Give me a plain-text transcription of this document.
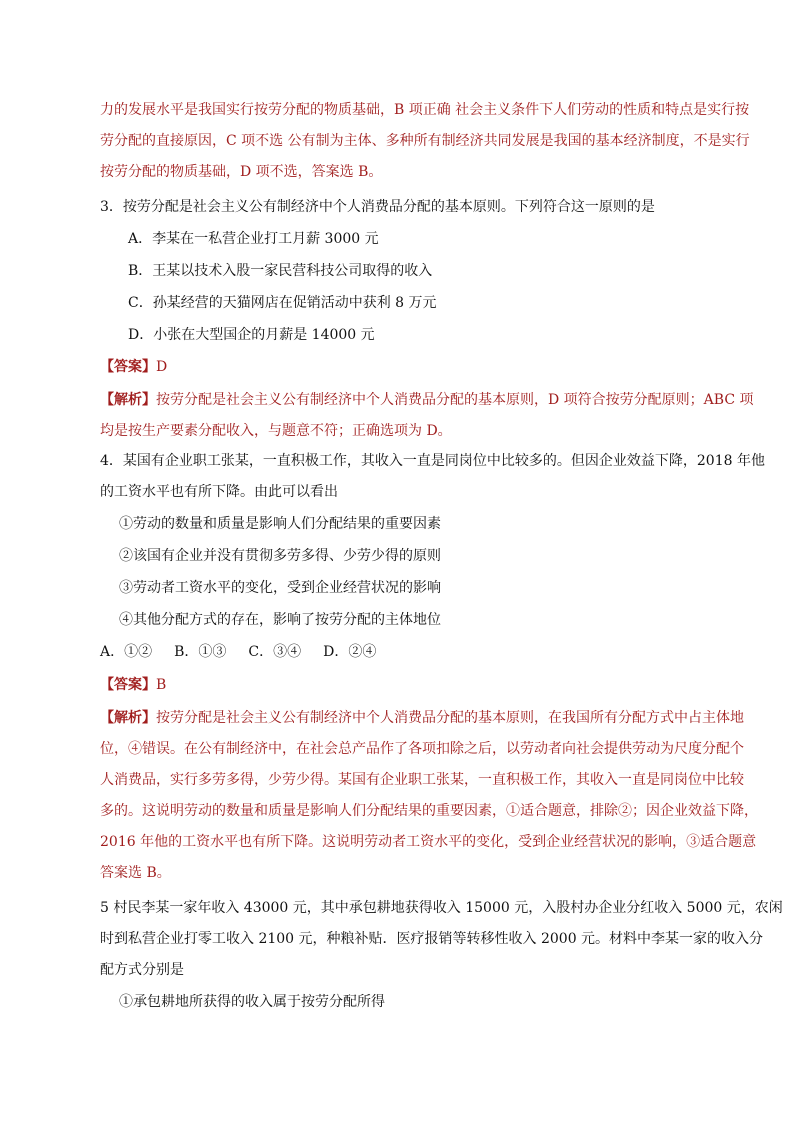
力的发展水平是我国实行按劳分配的物质基础，B 项正确 社会主义条件下人们劳动的性质和特点是实行按
劳分配的直接原因，C 项不选 公有制为主体、多种所有制经济共同发展是我国的基本经济制度，不是实行
按劳分配的物质基础，D 项不选，答案选 B。
3．按劳分配是社会主义公有制经济中个人消费品分配的基本原则。下列符合这一原则的是
A．李某在一私营企业打工月薪 3000 元
B．王某以技术入股一家民营科技公司取得的收入
C．孙某经营的天猫网店在促销活动中获利 8 万元
D．小张在大型国企的月薪是 14000 元
【答案】D
【解析】按劳分配是社会主义公有制经济中个人消费品分配的基本原则，D 项符合按劳分配原则；ABC 项
均是按生产要素分配收入，与题意不符；正确选项为 D。
4．某国有企业职工张某，一直积极工作，其收入一直是同岗位中比较多的。但因企业效益下降，2018 年他
的工资水平也有所下降。由此可以看出
①劳动的数量和质量是影响人们分配结果的重要因素
②该国有企业并没有贯彻多劳多得、少劳少得的原则
③劳动者工资水平的变化，受到企业经营状况的影响
④其他分配方式的存在，影响了按劳分配的主体地位
A．①② B．①③ C．③④ D．②④
【答案】B
【解析】按劳分配是社会主义公有制经济中个人消费品分配的基本原则，在我国所有分配方式中占主体地
位，④错误。在公有制经济中，在社会总产品作了各项扣除之后，以劳动者向社会提供劳动为尺度分配个
人消费品，实行多劳多得，少劳少得。某国有企业职工张某，一直积极工作，其收入一直是同岗位中比较
多的。这说明劳动的数量和质量是影响人们分配结果的重要因素，①适合题意，排除②；因企业效益下降，
2016 年他的工资水平也有所下降。这说明劳动者工资水平的变化，受到企业经营状况的影响，③适合题意
答案选 B。
5 村民李某一家年收入 43000 元，其中承包耕地获得收入 15000 元，入股村办企业分红收入 5000 元，农闲
时到私营企业打零工收入 2100 元，种粮补贴．医疗报销等转移性收入 2000 元。材料中李某一家的收入分
配方式分别是
①承包耕地所获得的收入属于按劳分配所得
